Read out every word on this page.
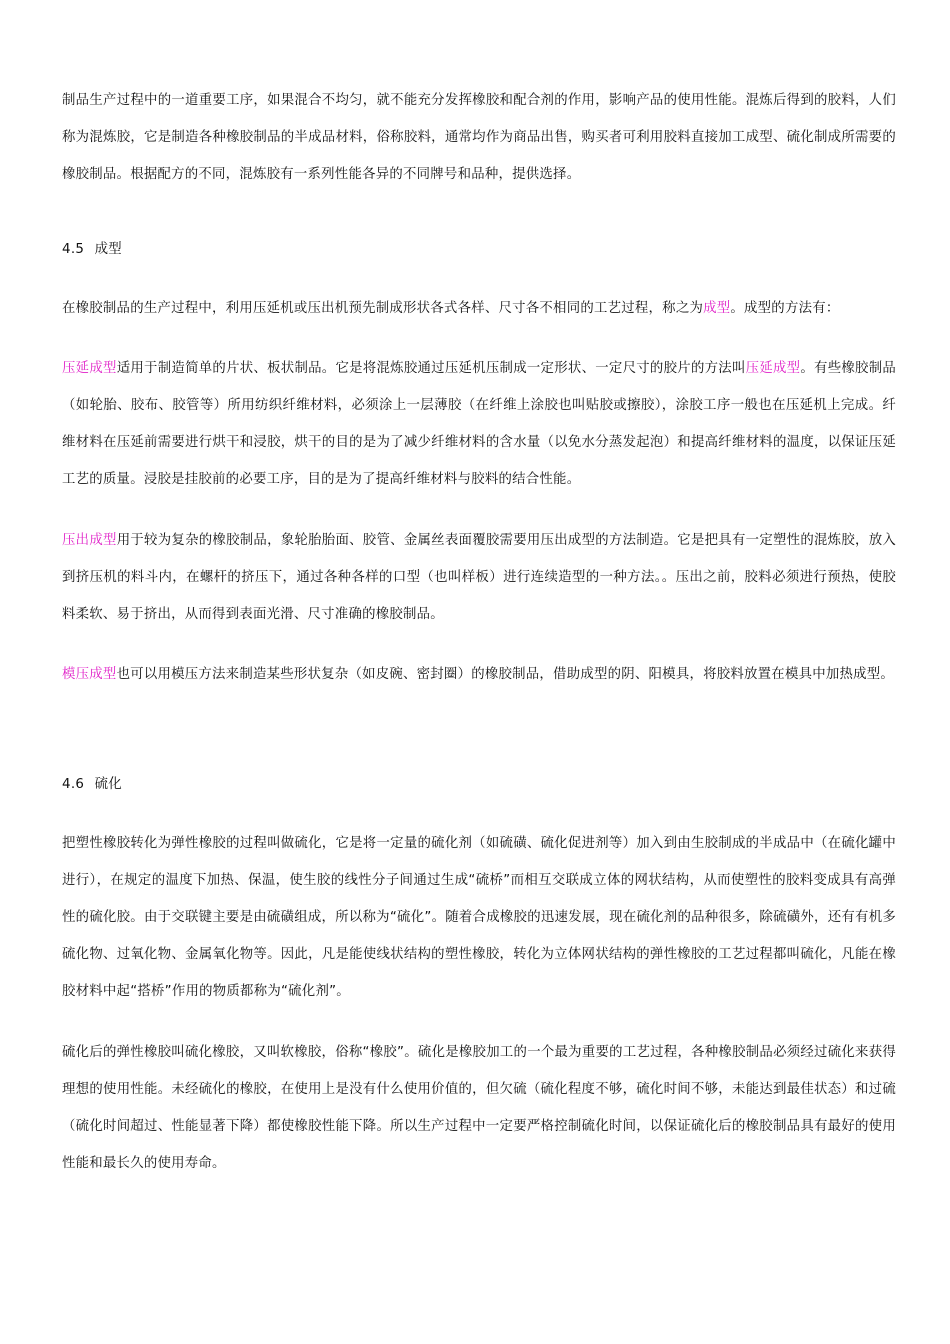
制品生产过程中的一道重要工序，如果混合不均匀，就不能充分发挥橡胶和配合剂的作用，影响产品的使用性能。混炼后得到的胶料，人们称为混炼胶，它是制造各种橡胶制品的半成品材料，俗称胶料，通常均作为商品出售，购买者可利用胶料直接加工成型、硫化制成所需要的橡胶制品。根据配方的不同，混炼胶有一系列性能各异的不同牌号和品种，提供选择。

4.5 成型

在橡胶制品的生产过程中，利用压延机或压出机预先制成形状各式各样、尺寸各不相同的工艺过程，称之为成型。成型的方法有：

压延成型适用于制造简单的片状、板状制品。它是将混炼胶通过压延机压制成一定形状、一定尺寸的胶片的方法叫压延成型。有些橡胶制品（如轮胎、胶布、胶管等）所用纺织纤维材料，必须涂上一层薄胶（在纤维上涂胶也叫贴胶或擦胶），涂胶工序一般也在压延机上完成。纤维材料在压延前需要进行烘干和浸胶，烘干的目的是为了减少纤维材料的含水量（以免水分蒸发起泡）和提高纤维材料的温度，以保证压延工艺的质量。浸胶是挂胶前的必要工序，目的是为了提高纤维材料与胶料的结合性能。

压出成型用于较为复杂的橡胶制品，象轮胎胎面、胶管、金属丝表面覆胶需要用压出成型的方法制造。它是把具有一定塑性的混炼胶，放入到挤压机的料斗内，在螺杆的挤压下，通过各种各样的口型（也叫样板）进行连续造型的一种方法。。压出之前，胶料必须进行预热，使胶料柔软、易于挤出，从而得到表面光滑、尺寸准确的橡胶制品。

模压成型也可以用模压方法来制造某些形状复杂（如皮碗、密封圈）的橡胶制品，借助成型的阴、阳模具，将胶料放置在模具中加热成型。

4.6 硫化

把塑性橡胶转化为弹性橡胶的过程叫做硫化，它是将一定量的硫化剂（如硫磺、硫化促进剂等）加入到由生胶制成的半成品中（在硫化罐中进行），在规定的温度下加热、保温，使生胶的线性分子间通过生成“硫桥”而相互交联成立体的网状结构，从而使塑性的胶料变成具有高弹性的硫化胶。由于交联键主要是由硫磺组成，所以称为“硫化”。随着合成橡胶的迅速发展，现在硫化剂的品种很多，除硫磺外，还有有机多硫化物、过氧化物、金属氧化物等。因此，凡是能使线状结构的塑性橡胶，转化为立体网状结构的弹性橡胶的工艺过程都叫硫化，凡能在橡胶材料中起“搭桥”作用的物质都称为“硫化剂”。

硫化后的弹性橡胶叫硫化橡胶，又叫软橡胶，俗称“橡胶”。硫化是橡胶加工的一个最为重要的工艺过程，各种橡胶制品必须经过硫化来获得理想的使用性能。未经硫化的橡胶，在使用上是没有什么使用价值的，但欠硫（硫化程度不够，硫化时间不够，未能达到最佳状态）和过硫（硫化时间超过、性能显著下降）都使橡胶性能下降。所以生产过程中一定要严格控制硫化时间，以保证硫化后的橡胶制品具有最好的使用性能和最长久的使用寿命。
